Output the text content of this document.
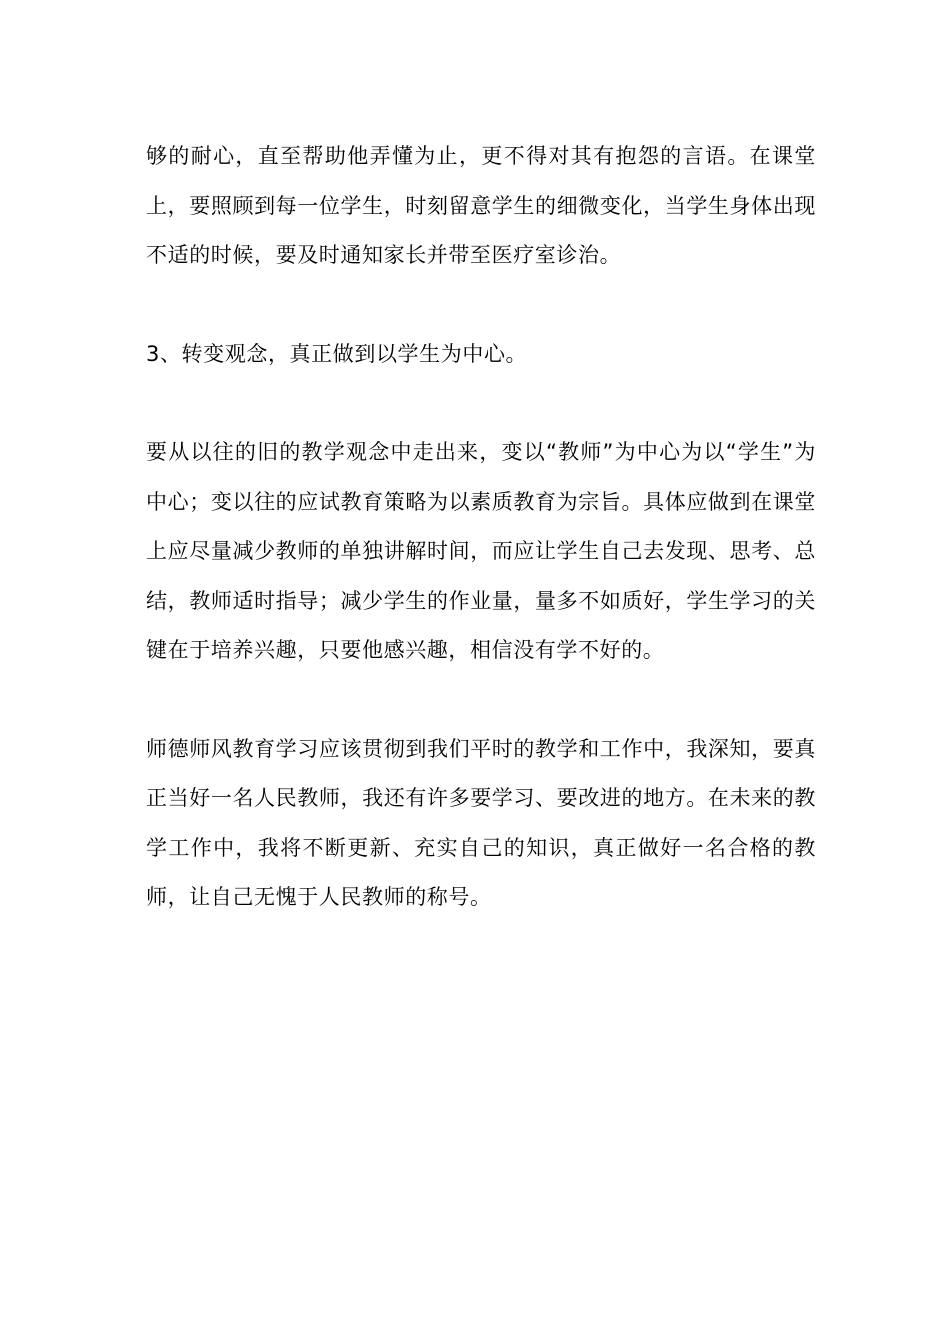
够的耐心，直至帮助他弄懂为止，更不得对其有抱怨的言语。在课堂上，要照顾到每一位学生，时刻留意学生的细微变化，当学生身体出现不适的时候，要及时通知家长并带至医疗室诊治。

3、转变观念，真正做到以学生为中心。

要从以往的旧的教学观念中走出来，变以“教师”为中心为以“学生”为中心；变以往的应试教育策略为以素质教育为宗旨。具体应做到在课堂上应尽量减少教师的单独讲解时间，而应让学生自己去发现、思考、总结，教师适时指导；减少学生的作业量，量多不如质好，学生学习的关键在于培养兴趣，只要他感兴趣，相信没有学不好的。

师德师风教育学习应该贯彻到我们平时的教学和工作中，我深知，要真正当好一名人民教师，我还有许多要学习、要改进的地方。在未来的教学工作中，我将不断更新、充实自己的知识，真正做好一名合格的教师，让自己无愧于人民教师的称号。
